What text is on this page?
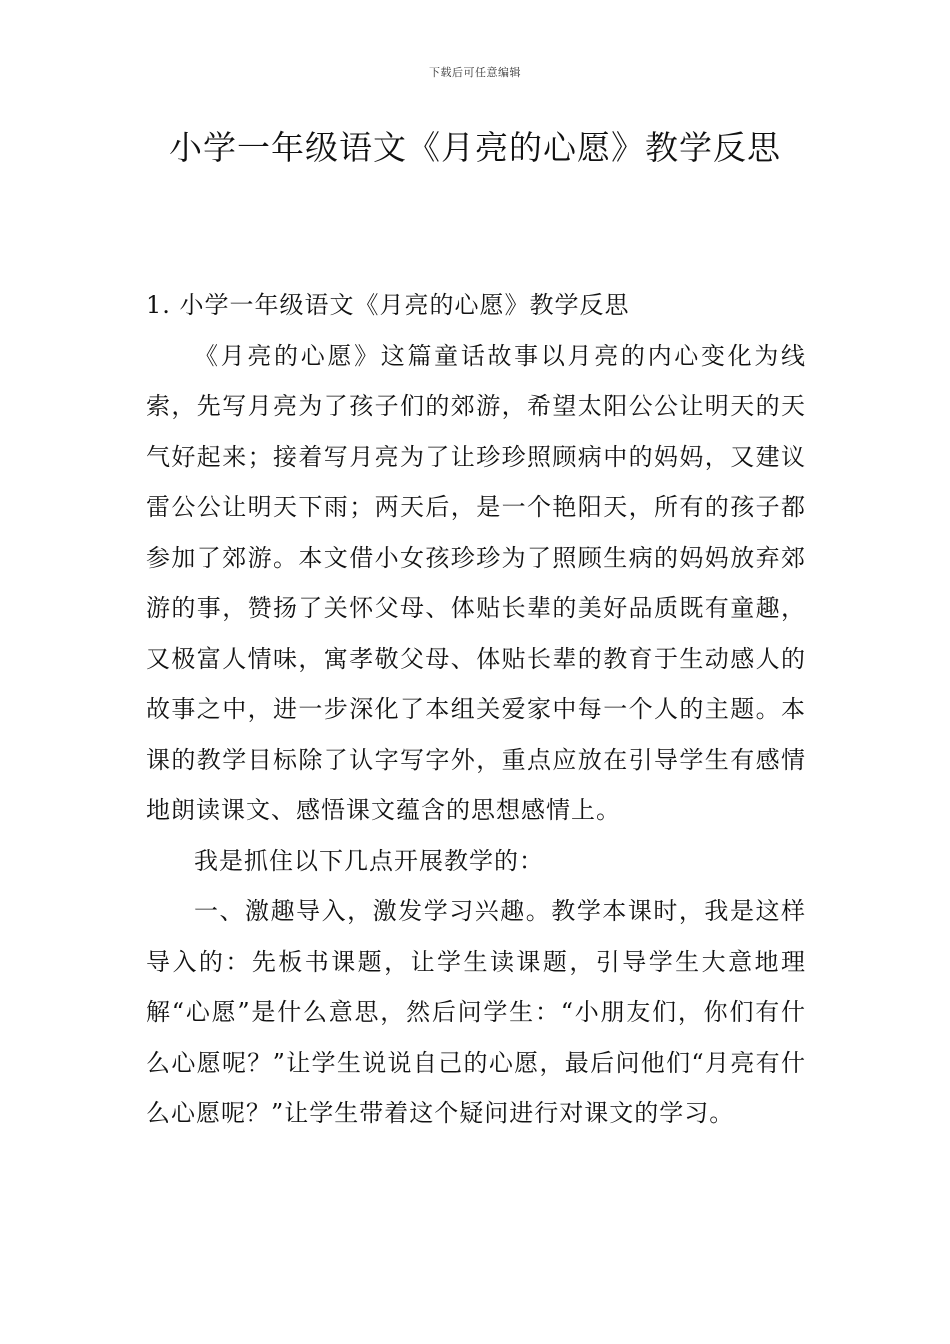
下载后可任意编辑
小学一年级语文《月亮的心愿》教学反思

1. 小学一年级语文《月亮的心愿》教学反思

《月亮的心愿》这篇童话故事以月亮的内心变化为线索，先写月亮为了孩子们的郊游，希望太阳公公让明天的天气好起来；接着写月亮为了让珍珍照顾病中的妈妈，又建议雷公公让明天下雨；两天后，是一个艳阳天，所有的孩子都参加了郊游。本文借小女孩珍珍为了照顾生病的妈妈放弃郊游的事，赞扬了关怀父母、体贴长辈的美好品质既有童趣，又极富人情味，寓孝敬父母、体贴长辈的教育于生动感人的故事之中，进一步深化了本组关爱家中每一个人的主题。本课的教学目标除了认字写字外，重点应放在引导学生有感情地朗读课文、感悟课文蕴含的思想感情上。

我是抓住以下几点开展教学的：

一、激趣导入，激发学习兴趣。教学本课时，我是这样导入的：先板书课题，让学生读课题，引导学生大意地理解“心愿”是什么意思，然后问学生：“小朋友们，你们有什么心愿呢？”让学生说说自己的心愿，最后问他们“月亮有什么心愿呢？”让学生带着这个疑问进行对课文的学习。
